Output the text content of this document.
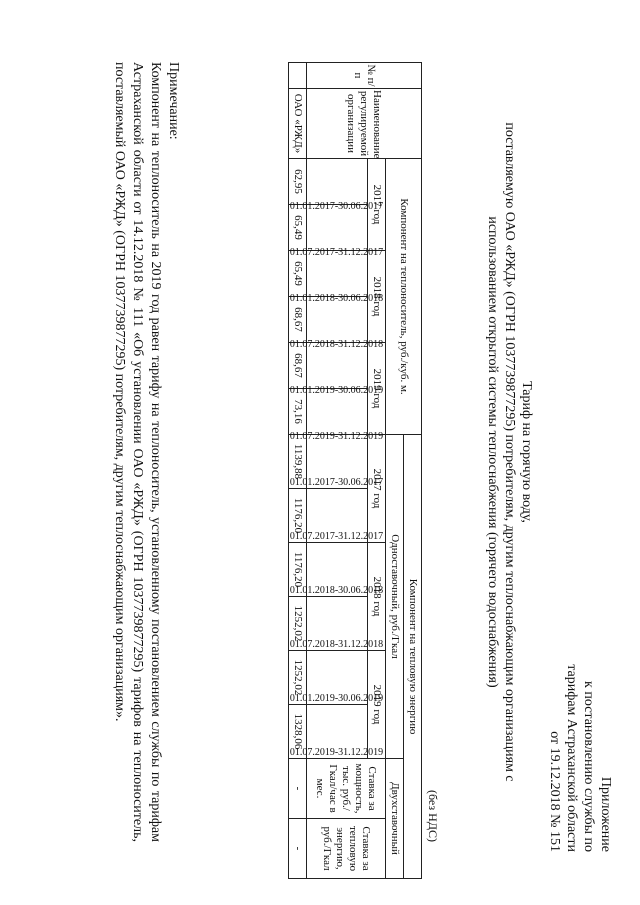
Приложение
к постановлению службы по
тарифам Астраханской области
от 19.12.2018 № 151
Тариф на горячую воду,
поставляемую ОАО «РЖД» (ОГРН 1037739877295) потребителям, другим теплоснабжающим организациям с
использованием открытой системы теплоснабжения (горячего водоснабжения)
(без НДС)
№ п/п	Наименование регулируемой организации	Компонент на теплоноситель, руб./куб. м.						Компонент на тепловую энергию							
								Одноставочный, руб./Гкал						Двухставочный	
		2017 год		2018 год		2019 год		2017 год		2018 год		2019 год		Ставка за мощность, тыс. руб./Гкал/час в мес.	Ставка за тепловую энергию, руб./Гкал
		01.01.2017-30.06.2017	01.07.2017-31.12.2017	01.01.2018-30.06.2018	01.07.2018-31.12.2018	01.01.2019-30.06.2019	01.07.2019-31.12.2019	01.01.2017-30.06.2017	01.07.2017-31.12.2017	01.01.2018-30.06.2018	01.07.2018-31.12.2018	01.01.2019-30.06.2019	01.07.2019-31.12.2019		
	ОАО «РЖД»	62,95	65,49	65,49	68,67	68,67	73,16	1139,88	1176,20	1176,20	1252,02	1252,02	1328,06	-	-
Примечание:
Компонент на теплоноситель на 2019 год равен тарифу на теплоноситель, установленному постановлением службы по тарифам Астраханской области от 14.12.2018 № 111 «Об установлении ОАО «РЖД» (ОГРН 1037739877295) тарифов на теплоноситель, поставляемый ОАО «РЖД» (ОГРН 1037739877295) потребителям, другим теплоснабжающим организациям».
